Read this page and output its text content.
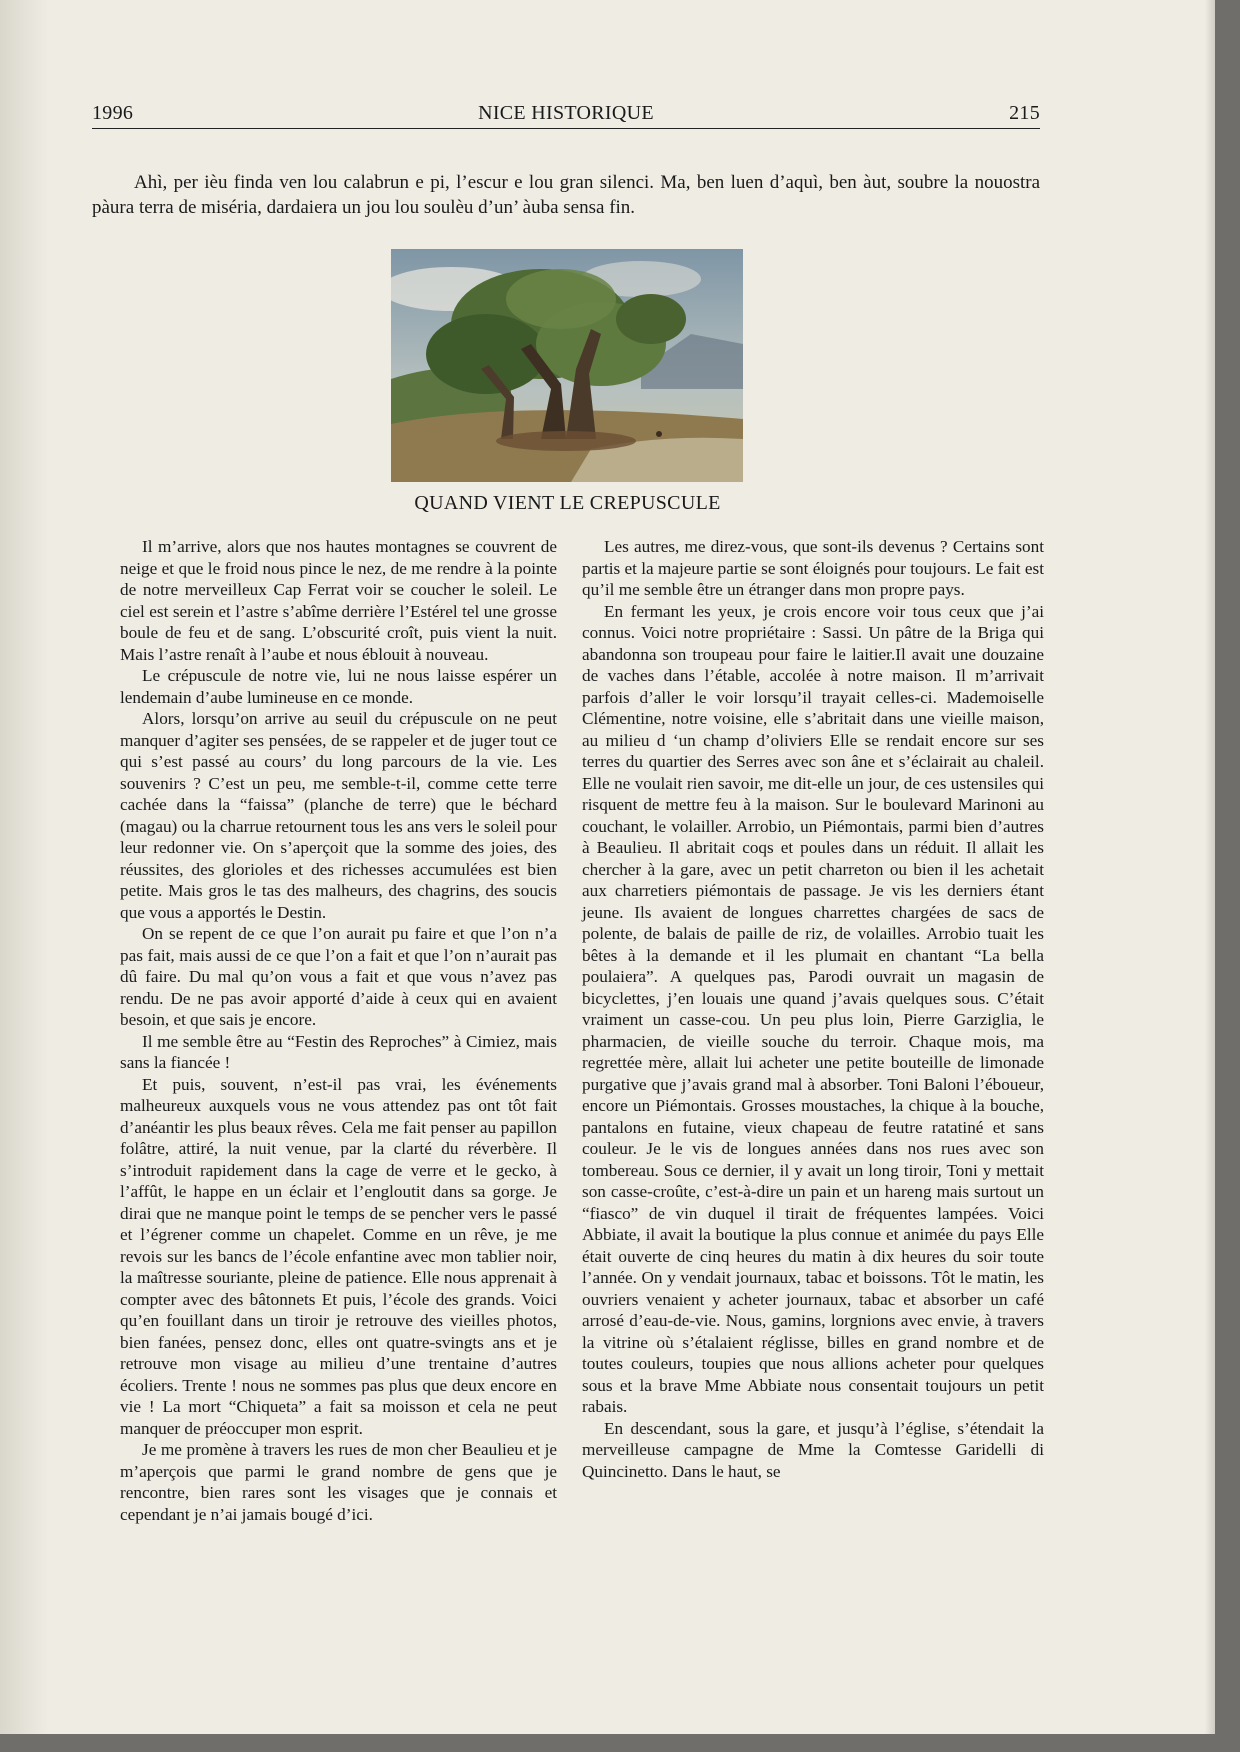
1996	NICE HISTORIQUE	215

Ahì, per ièu finda ven lou calabrun e pi, l’escur e lou gran silenci. Ma, ben luen d’aquì, ben àut, soubre la nouostra pàura terra de miséria, dardaiera un jou lou soulèu d’un’ àuba sensa fin.

QUAND VIENT LE CREPUSCULE

Il m’arrive, alors que nos hautes montagnes se couvrent de neige et que le froid nous pince le nez, de me rendre à la pointe de notre merveilleux Cap Ferrat voir se coucher le soleil. Le ciel est serein et l’astre s’abîme derrière l’Estérel tel une grosse boule de feu et de sang. L’obscurité croît, puis vient la nuit. Mais l’astre renaît à l’aube et nous éblouit à nouveau.

Le crépuscule de notre vie, lui ne nous laisse espérer un lendemain d’aube lumineuse en ce monde.

Alors, lorsqu’on arrive au seuil du crépuscule on ne peut manquer d’agiter ses pensées, de se rappeler et de juger tout ce qui s’est passé au cours’ du long parcours de la vie. Les souvenirs ? C’est un peu, me semble-t-il, comme cette terre cachée dans la “faissa” (planche de terre) que le béchard (magau) ou la charrue retournent tous les ans vers le soleil pour leur redonner vie. On s’aperçoit que la somme des joies, des réussites, des glorioles et des richesses accumulées est bien petite. Mais gros le tas des malheurs, des chagrins, des soucis que vous a apportés le Destin.

On se repent de ce que l’on aurait pu faire et que l’on n’a pas fait, mais aussi de ce que l’on a fait et que l’on n’aurait pas dû faire. Du mal qu’on vous a fait et que vous n’avez pas rendu. De ne pas avoir apporté d’aide à ceux qui en avaient besoin, et que sais je encore.

Il me semble être au “Festin des Reproches” à Cimiez, mais sans la fiancée !

Et puis, souvent, n’est-il pas vrai, les événements malheureux auxquels vous ne vous attendez pas ont tôt fait d’anéantir les plus beaux rêves. Cela me fait penser au papillon folâtre, attiré, la nuit venue, par la clarté du réverbère. Il s’introduit rapidement dans la cage de verre et le gecko, à l’affût, le happe en un éclair et l’engloutit dans sa gorge. Je dirai que ne manque point le temps de se pencher vers le passé et l’égrener comme un chapelet. Comme en un rêve, je me revois sur les bancs de l’école enfantine avec mon tablier noir, la maîtresse souriante, pleine de patience. Elle nous apprenait à compter avec des bâtonnets Et puis, l’école des grands. Voici qu’en fouillant dans un tiroir je retrouve des vieilles photos, bien fanées, pensez donc, elles ont quatre-svingts ans et je retrouve mon visage au milieu d’une trentaine d’autres écoliers. Trente ! nous ne sommes pas plus que deux encore en vie ! La mort “Chiqueta” a fait sa moisson et cela ne peut manquer de préoccuper mon esprit.

Je me promène à travers les rues de mon cher Beaulieu et je m’aperçois que parmi le grand nombre de gens que je rencontre, bien rares sont les visages que je connais et cependant je n’ai jamais bougé d’ici.

Les autres, me direz-vous, que sont-ils devenus ? Certains sont partis et la majeure partie se sont éloignés pour toujours. Le fait est qu’il me semble être un étranger dans mon propre pays.

En fermant les yeux, je crois encore voir tous ceux que j’ai connus. Voici notre propriétaire : Sassi. Un pâtre de la Briga qui abandonna son troupeau pour faire le laitier.Il avait une douzaine de vaches dans l’étable, accolée à notre maison. Il m’arrivait parfois d’aller le voir lorsqu’il trayait celles-ci. Mademoiselle Clémentine, notre voisine, elle s’abritait dans une vieille maison, au milieu d ‘un champ d’oliviers Elle se rendait encore sur ses terres du quartier des Serres avec son âne et s’éclairait au chaleil. Elle ne voulait rien savoir, me dit-elle un jour, de ces ustensiles qui risquent de mettre feu à la maison. Sur le boulevard Marinoni au couchant, le volailler. Arrobio, un Piémontais, parmi bien d’autres à Beaulieu. Il abritait coqs et poules dans un réduit. Il allait les chercher à la gare, avec un petit charreton ou bien il les achetait aux charretiers piémontais de passage. Je vis les derniers étant jeune. Ils avaient de longues charrettes chargées de sacs de polente, de balais de paille de riz, de volailles. Arrobio tuait les bêtes à la demande et il les plumait en chantant “La bella poulaiera”. A quelques pas, Parodi ouvrait un magasin de bicyclettes, j’en louais une quand j’avais quelques sous. C’était vraiment un casse-cou. Un peu plus loin, Pierre Garziglia, le pharmacien, de vieille souche du terroir. Chaque mois, ma regrettée mère, allait lui acheter une petite bouteille de limonade purgative que j’avais grand mal à absorber. Toni Baloni l’éboueur, encore un Piémontais. Grosses moustaches, la chique à la bouche, pantalons en futaine, vieux chapeau de feutre ratatiné et sans couleur. Je le vis de longues années dans nos rues avec son tombereau. Sous ce dernier, il y avait un long tiroir, Toni y mettait son casse-croûte, c’est-à-dire un pain et un hareng mais surtout un “fiasco” de vin duquel il tirait de fréquentes lampées. Voici Abbiate, il avait la boutique la plus connue et animée du pays Elle était ouverte de cinq heures du matin à dix heures du soir toute l’année. On y vendait journaux, tabac et boissons. Tôt le matin, les ouvriers venaient y acheter journaux, tabac et absorber un café arrosé d’eau-de-vie. Nous, gamins, lorgnions avec envie, à travers la vitrine où s’étalaient réglisse, billes en grand nombre et de toutes couleurs, toupies que nous allions acheter pour quelques sous et la brave Mme Abbiate nous consentait toujours un petit rabais.

En descendant, sous la gare, et jusqu’à l’église, s’étendait la merveilleuse campagne de Mme la Comtesse Garidelli di Quincinetto. Dans le haut, se
